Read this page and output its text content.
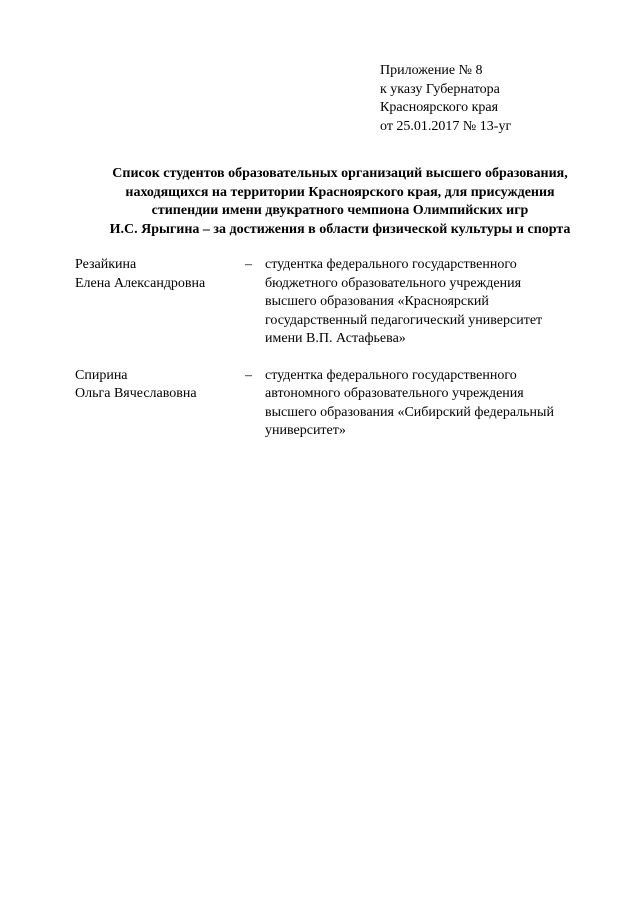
Приложение № 8
к указу Губернатора
Красноярского края
от 25.01.2017 № 13-уг
Список студентов образовательных организаций высшего образования,
находящихся на территории Красноярского края, для присуждения
стипендии имени двукратного чемпиона Олимпийских игр
И.С. Ярыгина – за достижения в области физической культуры и спорта
Резайкина
Елена Александровна
– студентка федерального государственного
бюджетного образовательного учреждения
высшего образования «Красноярский
государственный педагогический университет
имени В.П. Астафьева»
Спирина
Ольга Вячеславовна
– студентка федерального государственного
автономного образовательного учреждения
высшего образования «Сибирский федеральный
университет»
